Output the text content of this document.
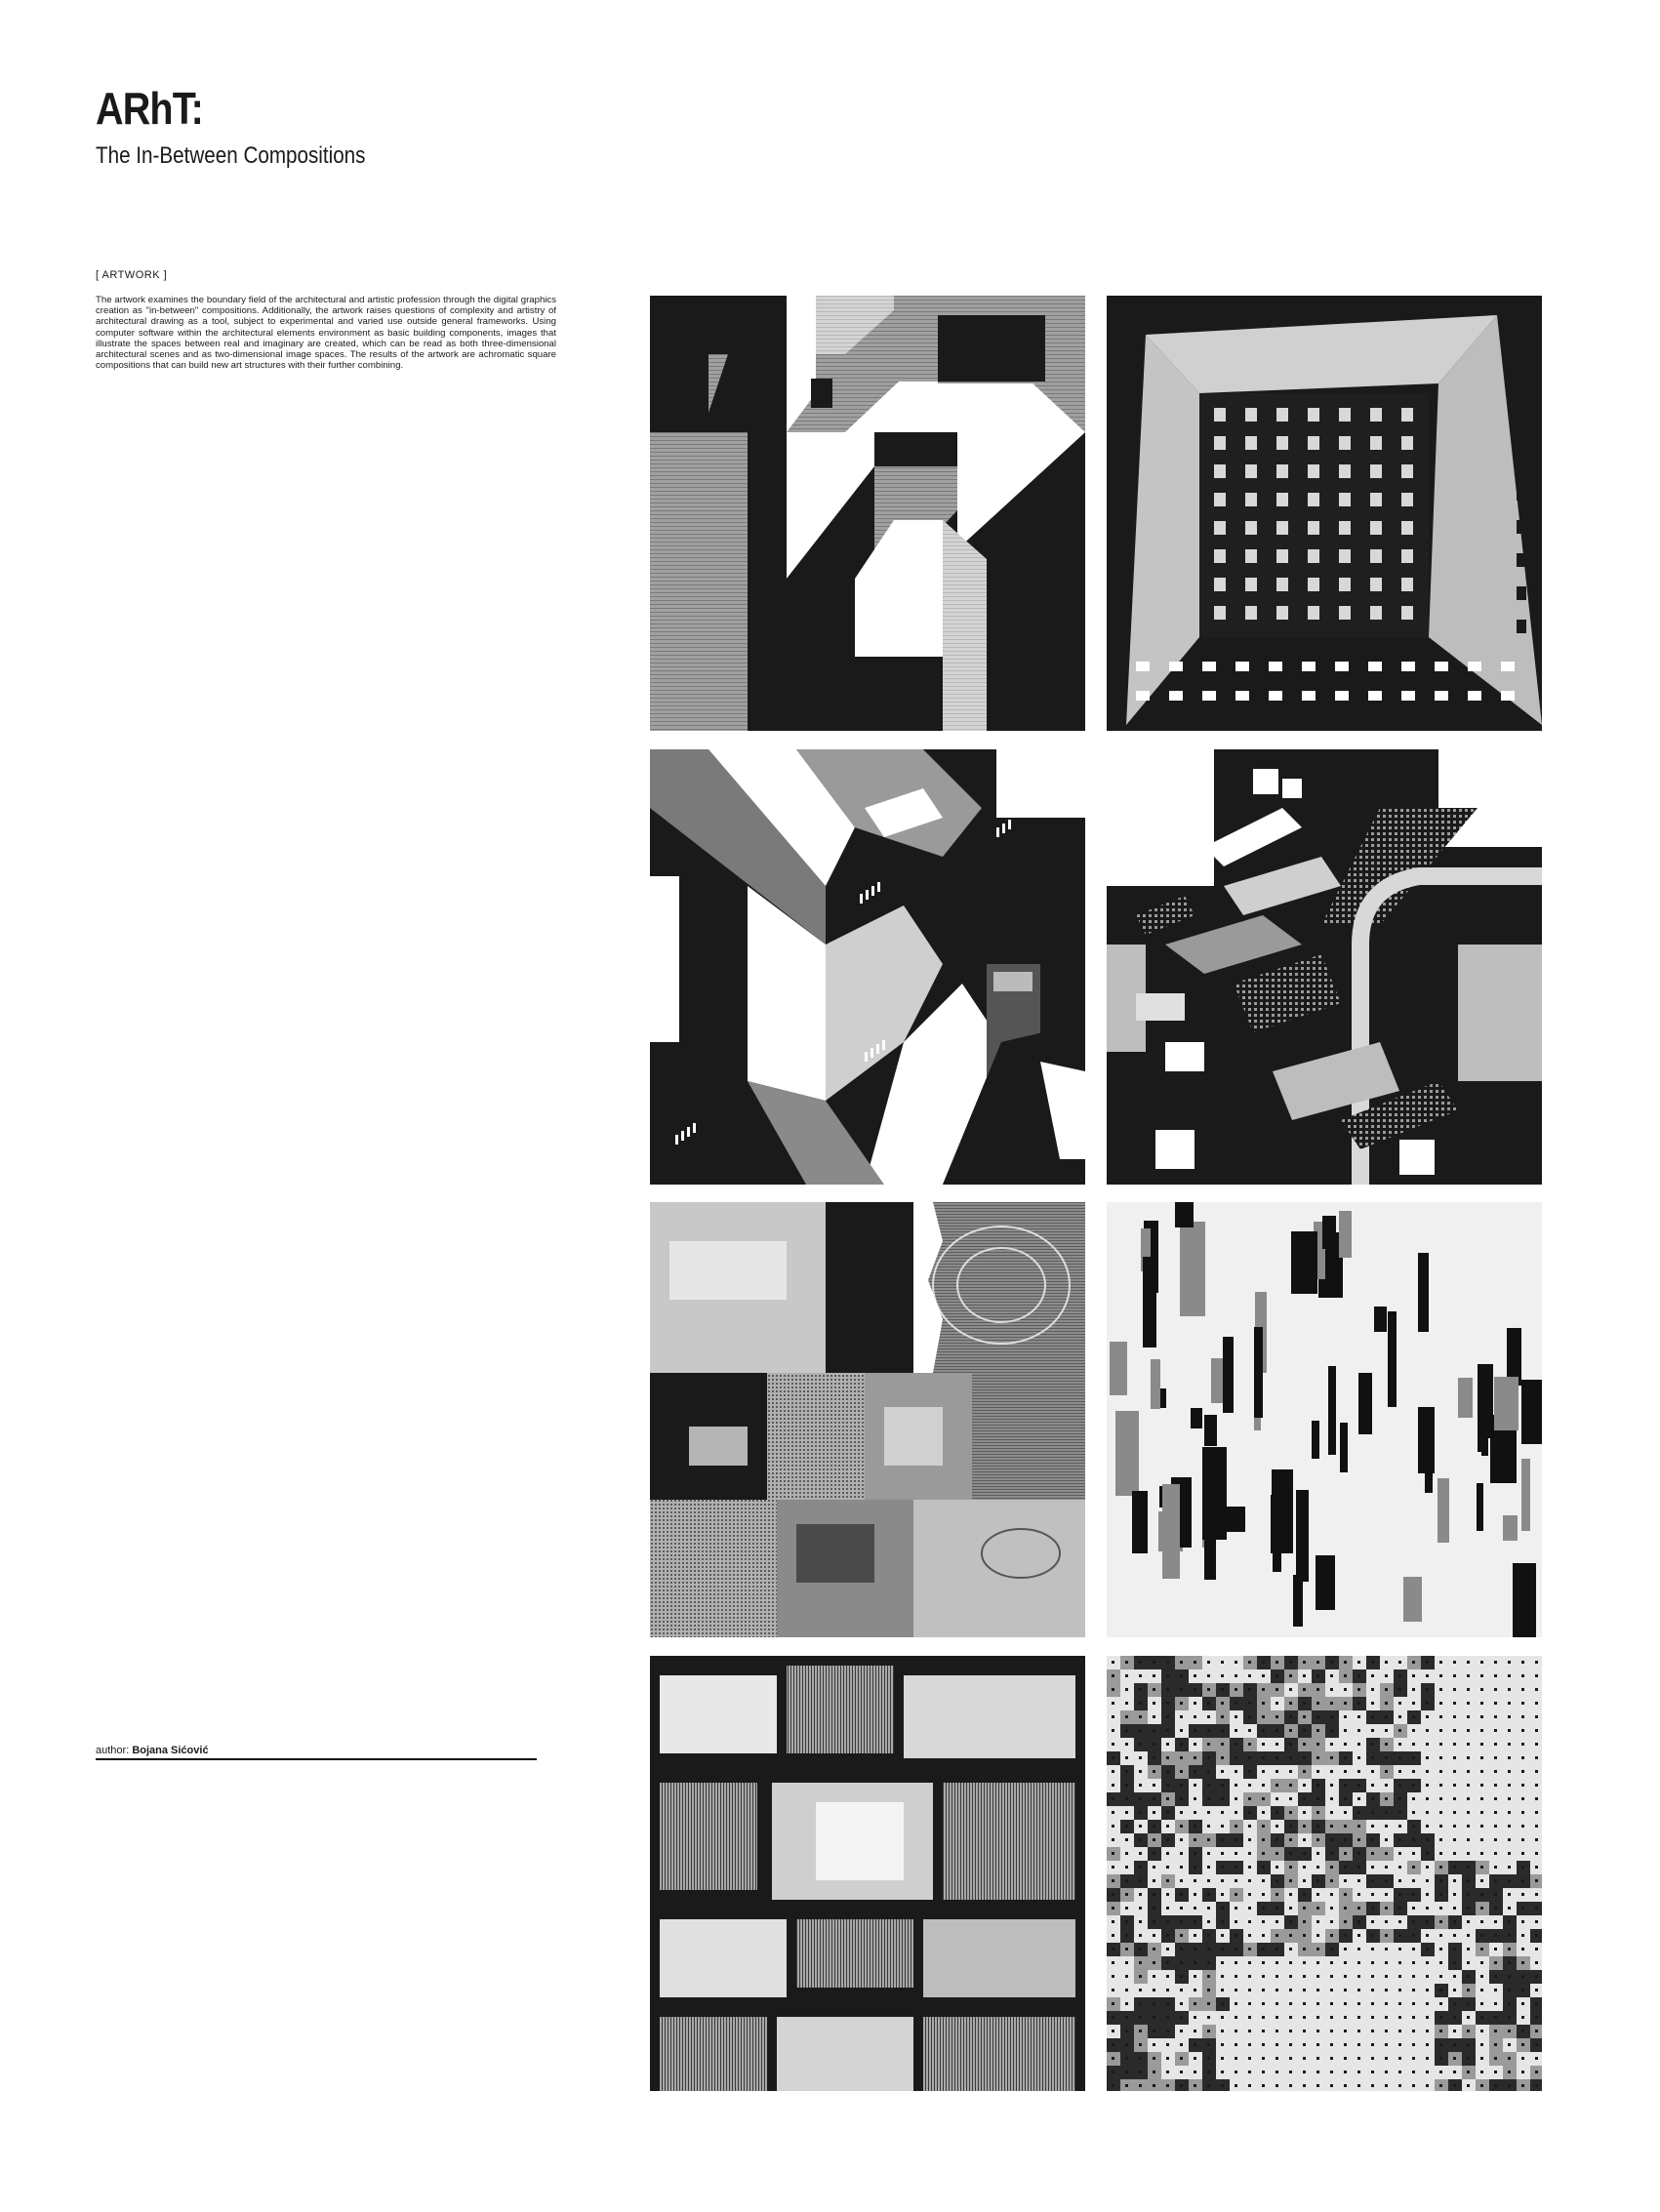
ARhT:
The In-Between Compositions
[ ARTWORK ]

The artwork examines the boundary field of the architectural and artistic profession through the digital graphics creation as "in-between" compositions. Additionally, the artwork raises questions of complexity and artistry of architectural drawing as a tool, subject to experimental and varied use outside general frameworks. Using computer software within the architectural elements environment as basic building components, images that illustrate the spaces between real and imaginary are created, which can be read as both three-dimensional architectural scenes and as two-dimensional image spaces. The results of the artwork are achromatic square compositions that can build new art structures with their further combining.

author: Bojana Sićović
